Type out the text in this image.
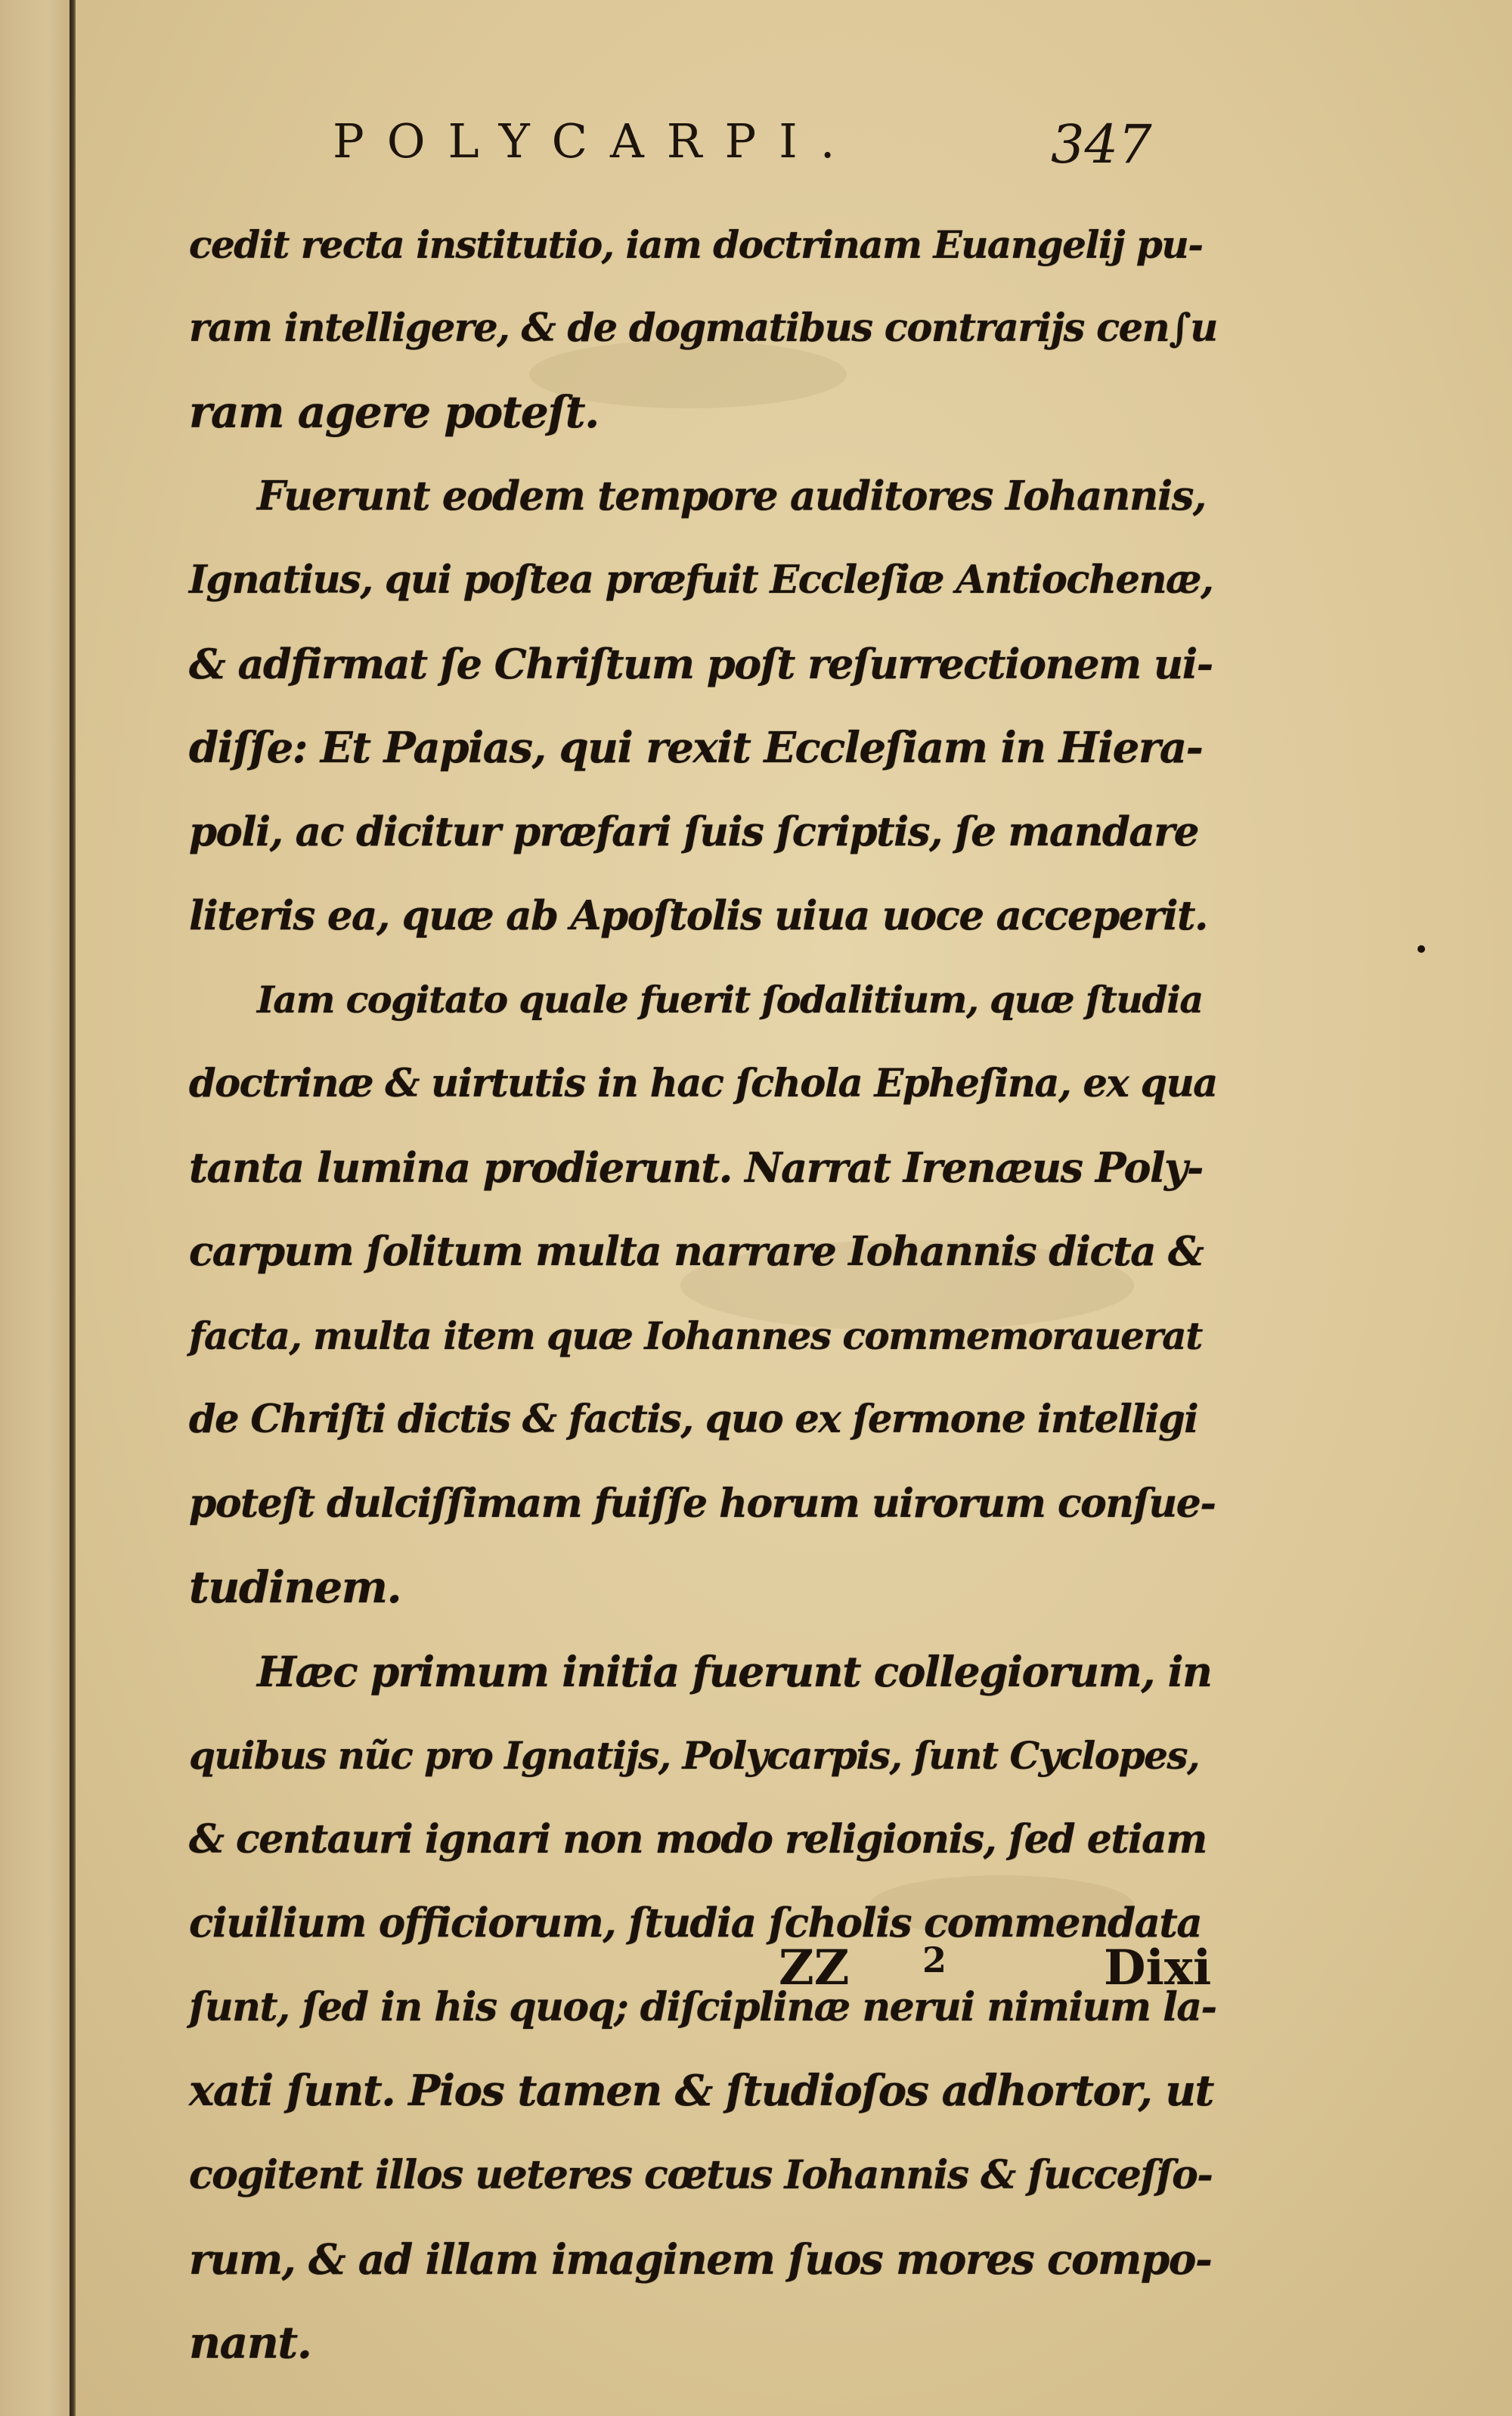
POLYCARPI.	347
cedit recta institutio, iam doctrinam Euangelij pu-
ram intelligere, & de dogmatibus contrarijs cen∫u
ram agere poteſt.
Fuerunt eodem tempore auditores Iohannis,
Ignatius, qui poſtea præfuit Eccleſiæ Antiochenæ,
& adfirmat ſe Chriſtum poſt reſurrectionem ui-
diſſe: Et Papias, qui rexit Eccleſiam in Hiera-
poli, ac dicitur præfari ſuis ſcriptis, ſe mandare
literis ea, quæ ab Apoſtolis uiua uoce acceperit.
Iam cogitato quale fuerit ſodalitium, quæ ſtudia
doctrinæ & uirtutis in hac ſchola Epheſina, ex qua
tanta lumina prodierunt. Narrat Irenæus Poly-
carpum ſolitum multa narrare Iohannis dicta &
facta, multa item quæ Iohannes commemorauerat
de Chriſti dictis & factis, quo ex ſermone intelligi
poteſt dulciſſimam fuiſſe horum uirorum conſue-
tudinem.
Hæc primum initia fuerunt collegiorum, in
quibus nũc pro Ignatijs, Polycarpis, ſunt Cyclopes,
& centauri ignari non modo religionis, ſed etiam
ciuilium officiorum, ſtudia ſcholis commendata
ſunt, ſed in his quoq; diſciplinæ nerui nimium la-
xati ſunt. Pios tamen & ſtudioſos adhortor, ut
cogitent illos ueteres cœtus Iohannis & ſucceſſo-
rum, & ad illam imaginem ſuos mores compo-
nant.
ZZ 2	Dixi
